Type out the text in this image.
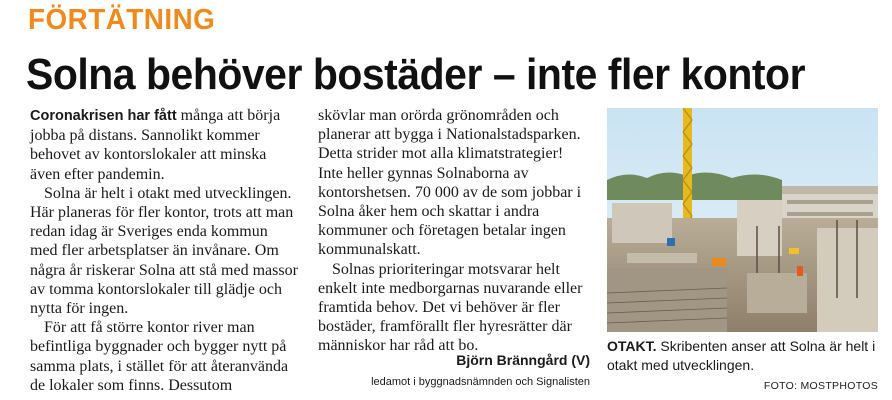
FÖRTÄTNING
Solna behöver bostäder – inte fler kontor

Coronakrisen har fått många att börja jobba på distans. Sannolikt kommer behovet av kontorslokaler att minska även efter pandemin.

Solna är helt i otakt med utvecklingen. Här planeras för fler kontor, trots att man redan idag är Sveriges enda kommun med fler arbetsplatser än invånare. Om några år riskerar Solna att stå med massor av tomma kontorslokaler till glädje och nytta för ingen.

För att få större kontor river man befintliga byggnader och bygger nytt på samma plats, i stället för att återanvända de lokaler som finns. Dessutom

skövlar man orörda grönområden och planerar att bygga i Nationalstadsparken. Detta strider mot alla klimatstrategier! Inte heller gynnas Solnaborna av kontorshetsen. 70 000 av de som jobbar i Solna åker hem och skattar i andra kommuner och företagen betalar ingen kommunalskatt.

Solnas prioriteringar motsvarar helt enkelt inte medborgarnas nuvarande eller framtida behov. Det vi behöver är fler bostäder, framförallt fler hyresrätter där människor har råd att bo.

Björn Bränngård (V)
ledamot i byggnadsnämnden och Signalisten
OTAKT. Skribenten anser att Solna är helt i otakt med utvecklingen.
FOTO: MOSTPHOTOS
